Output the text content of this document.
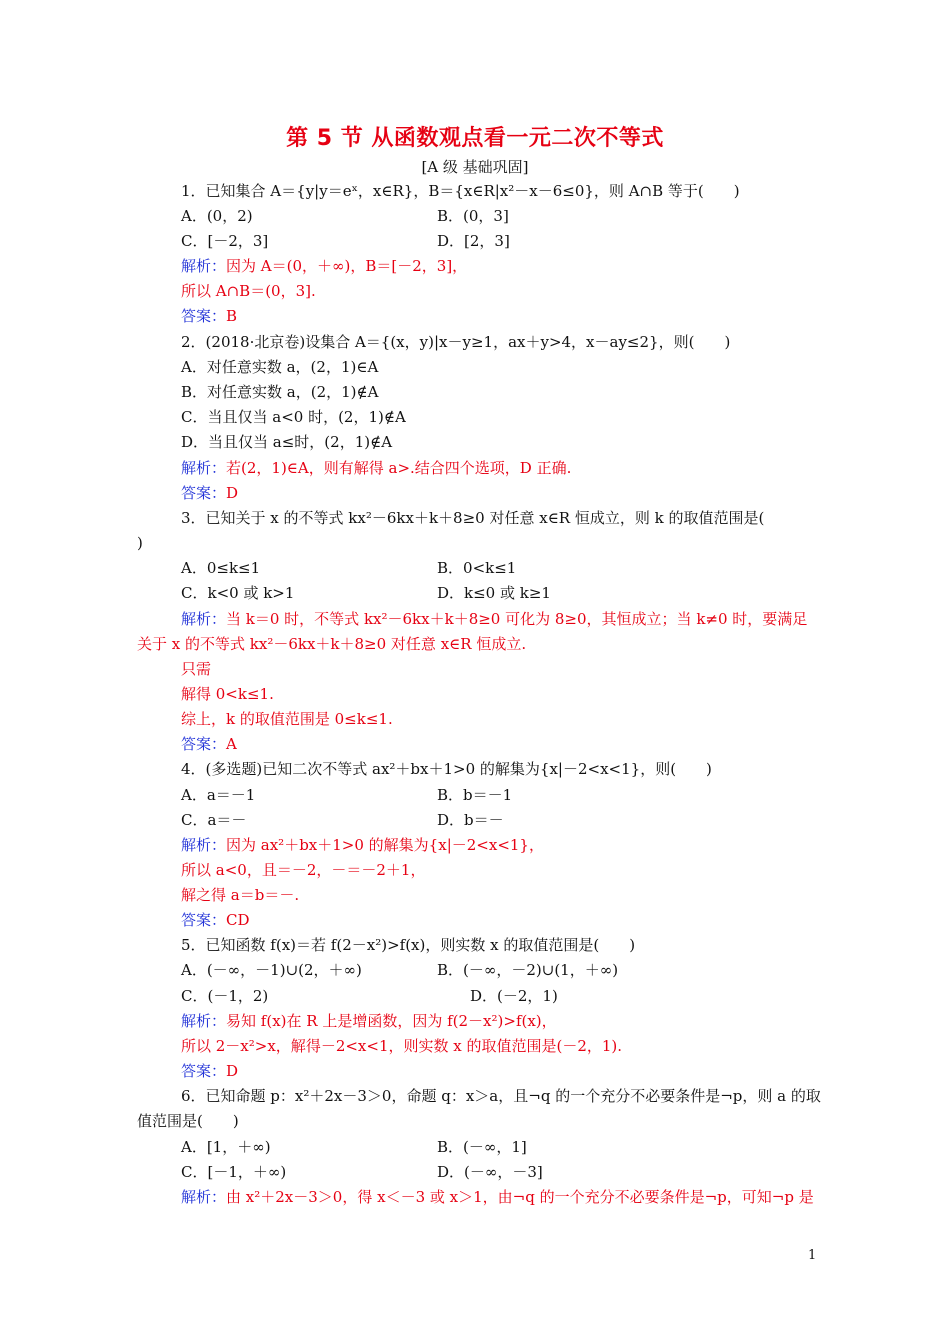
第 5 节 从函数观点看一元二次不等式
[A 级 基础巩固]
1．已知集合 A＝{y|y＝eˣ，x∈R}，B＝{x∈R|x²－x－6≤0}，则 A∩B 等于(　　)
A．(0，2)	B．(0，3]
C．[－2，3]	D．[2，3]
解析：因为 A＝(0，＋∞)，B＝[－2，3]，
所以 A∩B＝(0，3].
答案：B
2．(2018·北京卷)设集合 A＝{(x，y)|x－y≥1，ax＋y>4，x－ay≤2}，则(　　)
A．对任意实数 a，(2，1)∈A
B．对任意实数 a，(2，1)∉A
C．当且仅当 a<0 时，(2，1)∉A
D．当且仅当 a≤时，(2，1)∉A
解析：若(2，1)∈A，则有解得 a>.结合四个选项，D 正确.
答案：D
3．已知关于 x 的不等式 kx²－6kx＋k＋8≥0 对任意 x∈R 恒成立，则 k 的取值范围是(
)
A．0≤k≤1	B．0<k≤1
C．k<0 或 k>1	D．k≤0 或 k≥1
解析：当 k＝0 时，不等式 kx²－6kx＋k＋8≥0 可化为 8≥0，其恒成立；当 k≠0 时，要满足
关于 x 的不等式 kx²－6kx＋k＋8≥0 对任意 x∈R 恒成立.
只需
解得 0<k≤1.
综上，k 的取值范围是 0≤k≤1.
答案：A
4．(多选题)已知二次不等式 ax²＋bx＋1>0 的解集为{x|－2<x<1}，则(　　)
A．a＝－1	B．b＝－1
C．a＝－	D．b＝－
解析：因为 ax²＋bx＋1>0 的解集为{x|－2<x<1}，
所以 a<0，且＝－2，－＝－2＋1，
解之得 a＝b＝－.
答案：CD
5．已知函数 f(x)＝若 f(2－x²)>f(x)，则实数 x 的取值范围是(　　)
A．(－∞，－1)∪(2，＋∞)	B．(－∞，－2)∪(1，＋∞)
C．(－1，2)	D．(－2，1)
解析：易知 f(x)在 R 上是增函数，因为 f(2－x²)>f(x)，
所以 2－x²>x，解得－2<x<1，则实数 x 的取值范围是(－2，1).
答案：D
6．已知命题 p：x²＋2x－3＞0，命题 q：x＞a，且¬q 的一个充分不必要条件是¬p，则 a 的取
值范围是(　　)
A．[1，＋∞)	B．(－∞，1]
C．[－1，＋∞)	D．(－∞，－3]
解析：由 x²＋2x－3＞0，得 x＜－3 或 x＞1，由¬q 的一个充分不必要条件是¬p，可知¬p 是
1
